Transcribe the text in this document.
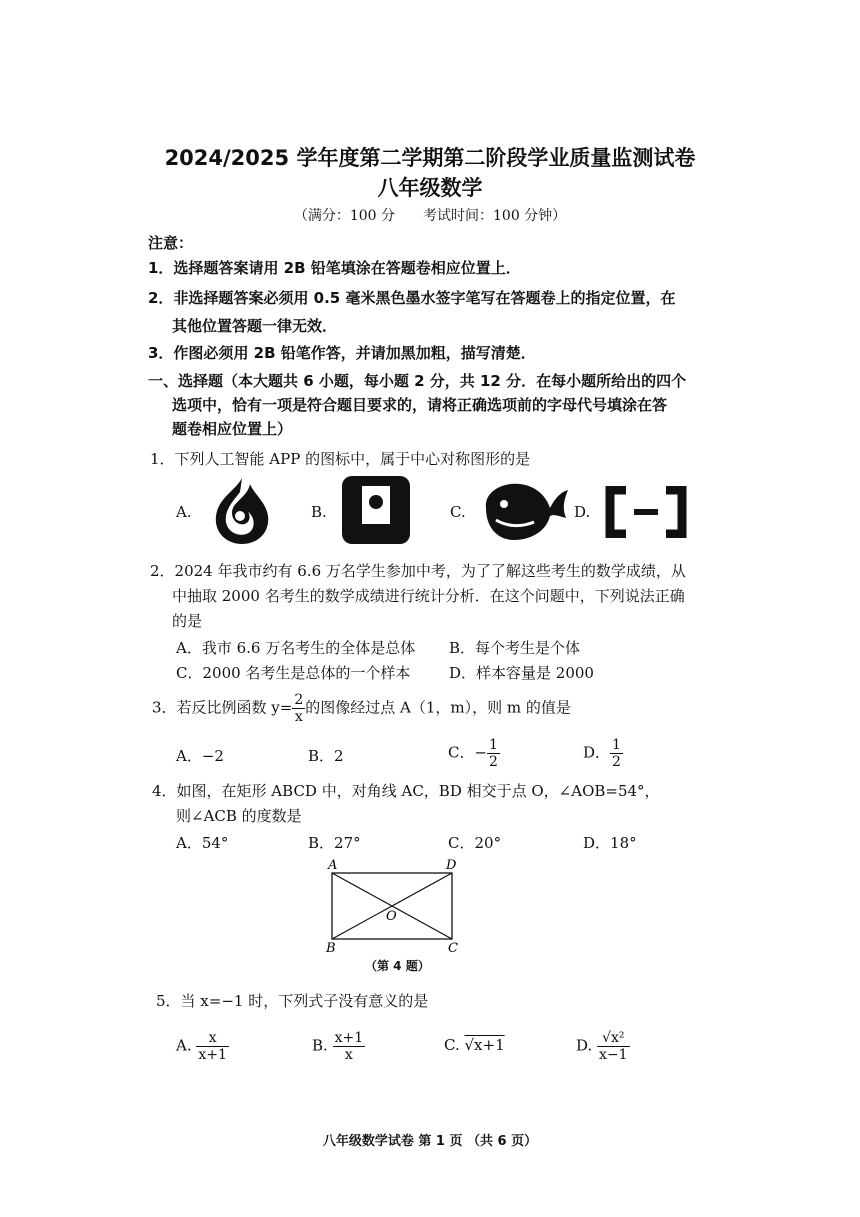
2024/2025 学年度第二学期第二阶段学业质量监测试卷
八年级数学
（满分：100 分　　考试时间：100 分钟）
注意：
1．选择题答案请用 2B 铅笔填涂在答题卷相应位置上．
2．非选择题答案必须用 0.5 毫米黑色墨水签字笔写在答题卷上的指定位置，在
其他位置答题一律无效．
3．作图必须用 2B 铅笔作答，并请加黑加粗，描写清楚．
一、选择题（本大题共 6 小题，每小题 2 分，共 12 分．在每小题所给出的四个
选项中，恰有一项是符合题目要求的，请将正确选项前的字母代号填涂在答
题卷相应位置上）
1．下列人工智能 APP 的图标中，属于中心对称图形的是
A.	B.	C.	D.
2．2024 年我市约有 6.6 万名学生参加中考，为了了解这些考生的数学成绩，从
中抽取 2000 名考生的数学成绩进行统计分析．在这个问题中，下列说法正确
的是
A．我市 6.6 万名考生的全体是总体 B．每个考生是个体
C．2000 名考生是总体的一个样本	D．样本容量是 2000
3．若反比例函数 $y= \frac{2}{x}$ 的图像经过点 A（1，m），则 m 的值是
A．−2	B．2	C．− $\frac{1}{2}$	D． $\frac{1}{2}$
4．如图，在矩形 ABCD 中，对角线 AC，BD 相交于点 O，∠AOB=54°，
则∠ACB 的度数是
A．54°	B．27°	C．20°	D．18°
A	D
O
B	C
（第 4 题）
5．当 x=−1 时，下列式子没有意义的是
A. $\frac{x}{x+1}$	B. $\frac{x+1}{x}$	C. √x+1	D. $\frac{\text{√x²}}{x-1}$
八年级数学试卷 第 1 页 （共 6 页）
